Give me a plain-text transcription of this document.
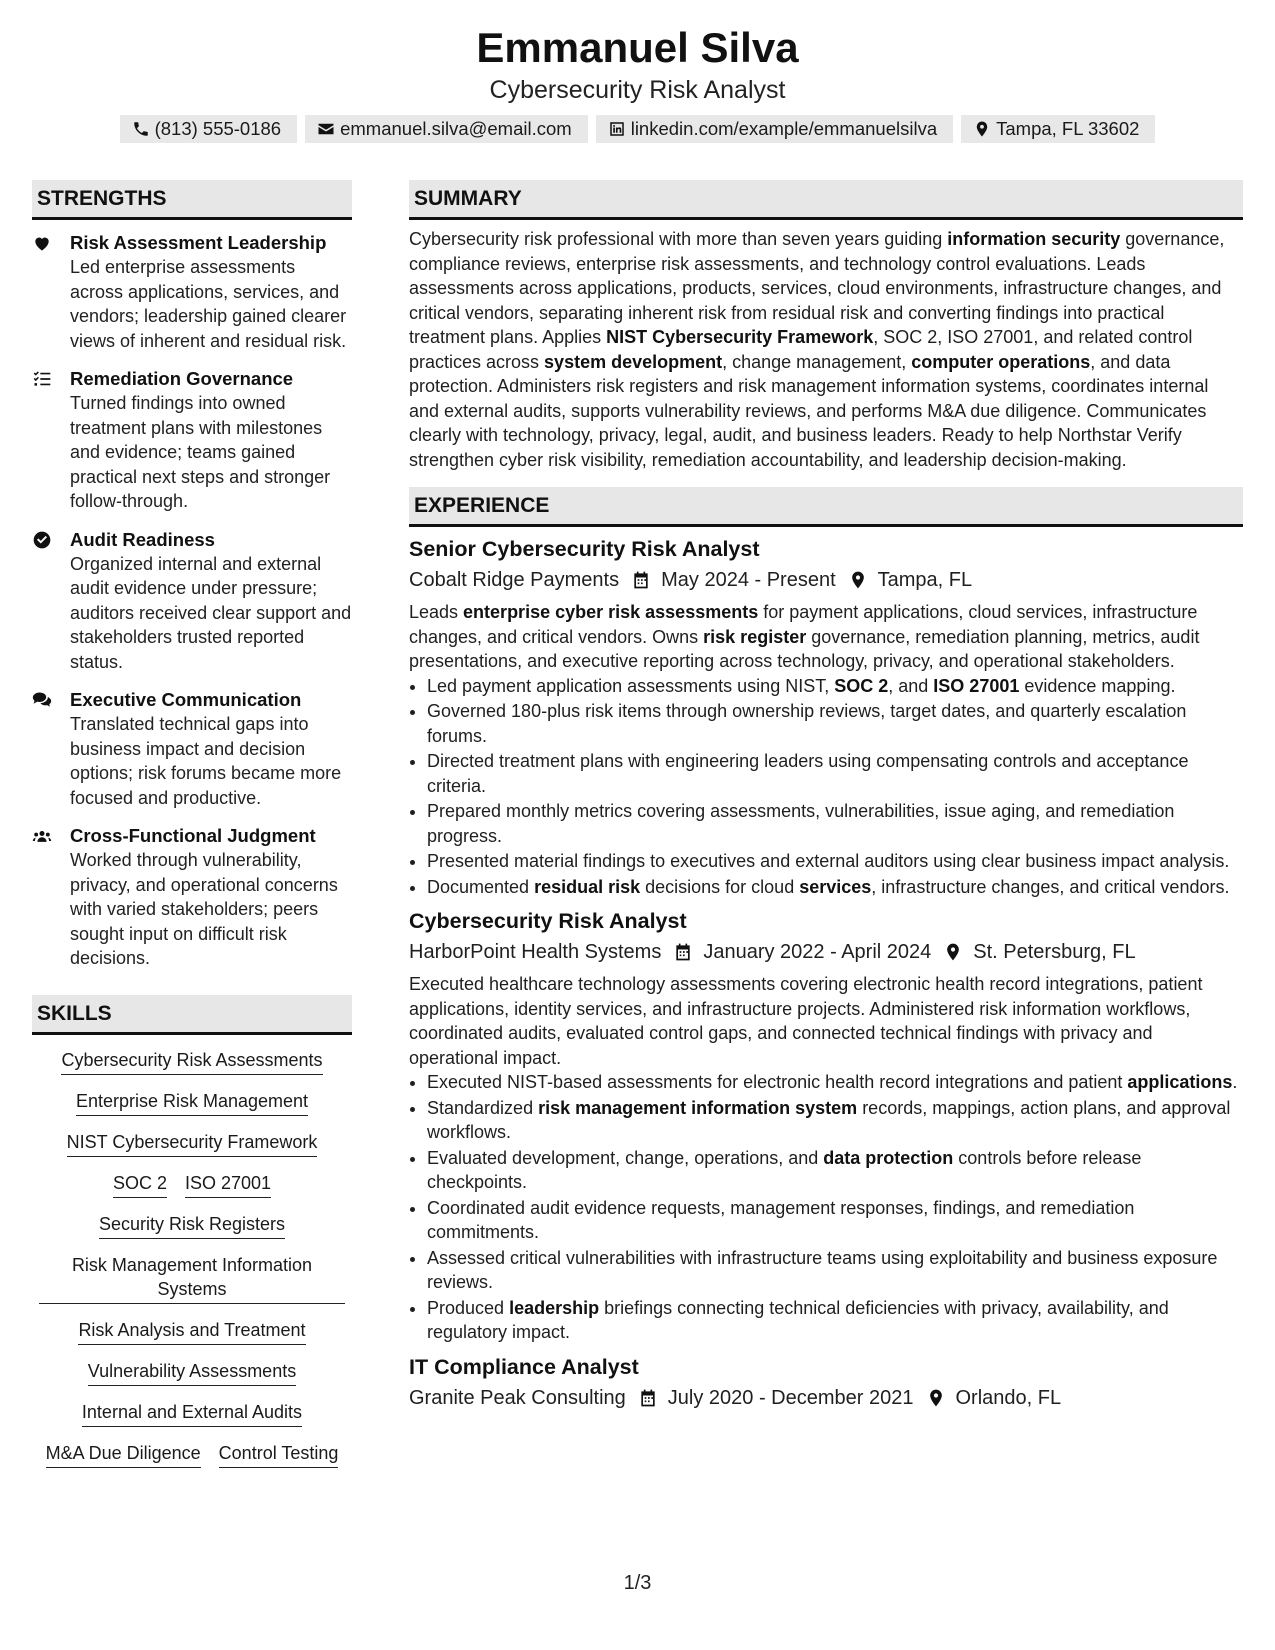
Emmanuel Silva
Cybersecurity Risk Analyst
(813) 555-0186	emmanuel.silva@email.com	linkedin.com/example/emmanuelsilva	Tampa, FL 33602
STRENGTHS
Risk Assessment Leadership
Led enterprise assessments across applications, services, and vendors; leadership gained clearer views of inherent and residual risk.
Remediation Governance
Turned findings into owned treatment plans with milestones and evidence; teams gained practical next steps and stronger follow-through.
Audit Readiness
Organized internal and external audit evidence under pressure; auditors received clear support and stakeholders trusted reported status.
Executive Communication
Translated technical gaps into business impact and decision options; risk forums became more focused and productive.
Cross-Functional Judgment
Worked through vulnerability, privacy, and operational concerns with varied stakeholders; peers sought input on difficult risk decisions.
SKILLS
Cybersecurity Risk Assessments
Enterprise Risk Management
NIST Cybersecurity Framework
SOC 2 ISO 27001
Security Risk Registers
Risk Management Information Systems
Risk Analysis and Treatment
Vulnerability Assessments
Internal and External Audits
M&A Due Diligence Control Testing
SUMMARY
Cybersecurity risk professional with more than seven years guiding information security governance, compliance reviews, enterprise risk assessments, and technology control evaluations. Leads assessments across applications, products, services, cloud environments, infrastructure changes, and critical vendors, separating inherent risk from residual risk and converting findings into practical treatment plans. Applies NIST Cybersecurity Framework, SOC 2, ISO 27001, and related control practices across system development, change management, computer operations, and data protection. Administers risk registers and risk management information systems, coordinates internal and external audits, supports vulnerability reviews, and performs M&A due diligence. Communicates clearly with technology, privacy, legal, audit, and business leaders. Ready to help Northstar Verify strengthen cyber risk visibility, remediation accountability, and leadership decision-making.
EXPERIENCE
Senior Cybersecurity Risk Analyst
Cobalt Ridge Payments May 2024 - Present Tampa, FL
Leads enterprise cyber risk assessments for payment applications, cloud services, infrastructure changes, and critical vendors. Owns risk register governance, remediation planning, metrics, audit presentations, and executive reporting across technology, privacy, and operational stakeholders.
• Led payment application assessments using NIST, SOC 2, and ISO 27001 evidence mapping.
• Governed 180-plus risk items through ownership reviews, target dates, and quarterly escalation forums.
• Directed treatment plans with engineering leaders using compensating controls and acceptance criteria.
• Prepared monthly metrics covering assessments, vulnerabilities, issue aging, and remediation progress.
• Presented material findings to executives and external auditors using clear business impact analysis.
• Documented residual risk decisions for cloud services, infrastructure changes, and critical vendors.
Cybersecurity Risk Analyst
HarborPoint Health Systems January 2022 - April 2024 St. Petersburg, FL
Executed healthcare technology assessments covering electronic health record integrations, patient applications, identity services, and infrastructure projects. Administered risk information workflows, coordinated audits, evaluated control gaps, and connected technical findings with privacy and operational impact.
• Executed NIST-based assessments for electronic health record integrations and patient applications.
• Standardized risk management information system records, mappings, action plans, and approval workflows.
• Evaluated development, change, operations, and data protection controls before release checkpoints.
• Coordinated audit evidence requests, management responses, findings, and remediation commitments.
• Assessed critical vulnerabilities with infrastructure teams using exploitability and business exposure reviews.
• Produced leadership briefings connecting technical deficiencies with privacy, availability, and regulatory impact.
IT Compliance Analyst
Granite Peak Consulting July 2020 - December 2021 Orlando, FL
1/3
